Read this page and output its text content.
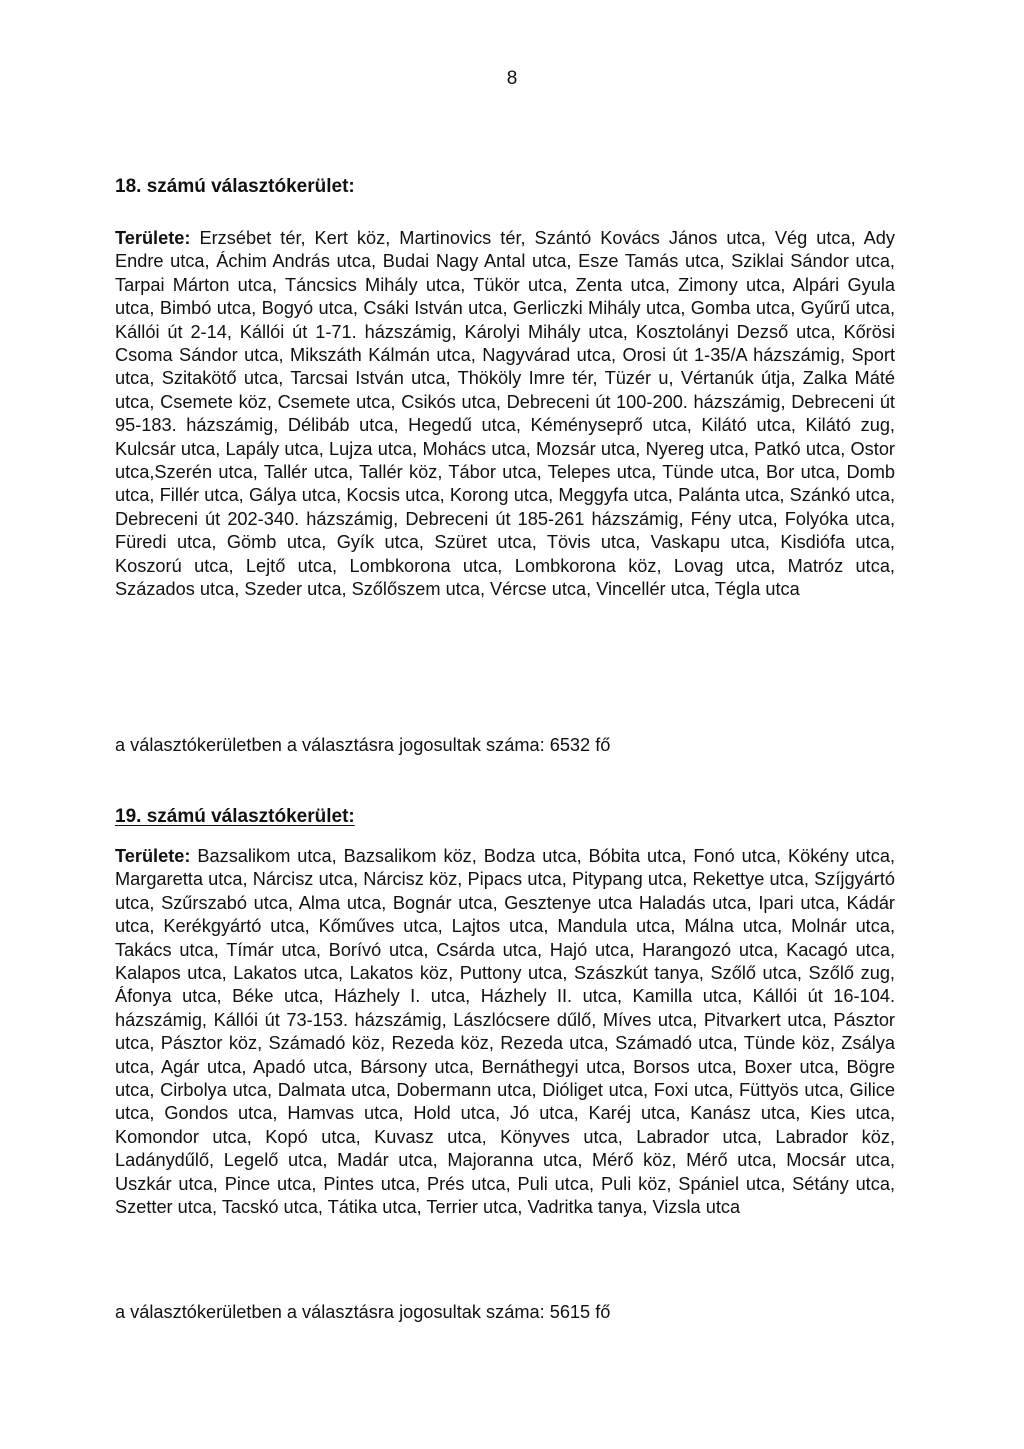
8
18. számú választókerület:

Területe: Erzsébet tér, Kert köz, Martinovics tér, Szántó Kovács János utca, Vég utca, Ady Endre utca, Áchim András utca, Budai Nagy Antal utca, Esze Tamás utca, Sziklai Sándor utca, Tarpai Márton utca, Táncsics Mihály utca, Tükör utca, Zenta utca, Zimony utca, Alpári Gyula utca, Bimbó utca, Bogyó utca, Csáki István utca, Gerliczki Mihály utca, Gomba utca, Gyűrű utca, Kállói út 2-14, Kállói út 1-71. házszámig, Károlyi Mihály utca, Kosztolányi Dezső utca, Kőrösi Csoma Sándor utca, Mikszáth Kálmán utca, Nagyvárad utca, Orosi út 1-35/A házszámig, Sport utca, Szitakötő utca, Tarcsai István utca, Thököly Imre tér, Tüzér u, Vértanúk útja, Zalka Máté utca, Csemete köz, Csemete utca, Csikós utca, Debreceni út 100-200. házszámig, Debreceni út 95-183. házszámig, Délibáb utca, Hegedű utca, Kéményseprő utca, Kilátó utca, Kilátó zug, Kulcsár utca, Lapály utca, Lujza utca, Mohács utca, Mozsár utca, Nyereg utca, Patkó utca, Ostor utca,Szerén utca, Tallér utca, Tallér köz, Tábor utca, Telepes utca, Tünde utca, Bor utca, Domb utca, Fillér utca, Gálya utca, Kocsis utca, Korong utca, Meggyfa utca, Palánta utca, Szánkó utca, Debreceni út 202-340. házszámig, Debreceni út 185-261 házszámig, Fény utca, Folyóka utca, Füredi utca, Gömb utca, Gyík utca, Szüret utca, Tövis utca, Vaskapu utca, Kisdiófa utca, Koszorú utca, Lejtő utca, Lombkorona utca, Lombkorona köz, Lovag utca, Matróz utca, Százados utca, Szeder utca, Szőlőszem utca, Vércse utca, Vincellér utca, Tégla utca

a választókerületben a választásra jogosultak száma: 6532 fő

19. számú választókerület:

Területe: Bazsalikom utca, Bazsalikom köz, Bodza utca, Bóbita utca, Fonó utca, Kökény utca, Margaretta utca, Nárcisz utca, Nárcisz köz, Pipacs utca, Pitypang utca, Rekettye utca, Szíjgyártó utca, Szűrszabó utca, Alma utca, Bognár utca, Gesztenye utca Haladás utca, Ipari utca, Kádár utca, Kerékgyártó utca, Kőműves utca, Lajtos utca, Mandula utca, Málna utca, Molnár utca, Takács utca, Tímár utca, Borívó utca, Csárda utca, Hajó utca, Harangozó utca, Kacagó utca, Kalapos utca, Lakatos utca, Lakatos köz, Puttony utca, Szászkút tanya, Szőlő utca, Szőlő zug, Áfonya utca, Béke utca, Házhely I. utca, Házhely II. utca, Kamilla utca, Kállói út 16-104. házszámig, Kállói út 73-153. házszámig, Lászlócsere dűlő, Míves utca, Pitvarkert utca, Pásztor utca, Pásztor köz, Számadó köz, Rezeda köz, Rezeda utca, Számadó utca, Tünde köz, Zsálya utca, Agár utca, Apadó utca, Bársony utca, Bernáthegyi utca, Borsos utca, Boxer utca, Bögre utca, Cirbolya utca, Dalmata utca, Dobermann utca, Dióliget utca, Foxi utca, Füttyös utca, Gilice utca, Gondos utca, Hamvas utca, Hold utca, Jó utca, Karéj utca, Kanász utca, Kies utca, Komondor utca, Kopó utca, Kuvasz utca, Könyves utca, Labrador utca, Labrador köz, Ladánydűlő, Legelő utca, Madár utca, Majoranna utca, Mérő köz, Mérő utca, Mocsár utca, Uszkár utca, Pince utca, Pintes utca, Prés utca, Puli utca, Puli köz, Spániel utca, Sétány utca, Szetter utca, Tacskó utca, Tátika utca, Terrier utca, Vadritka tanya, Vizsla utca

a választókerületben a választásra jogosultak száma: 5615 fő
